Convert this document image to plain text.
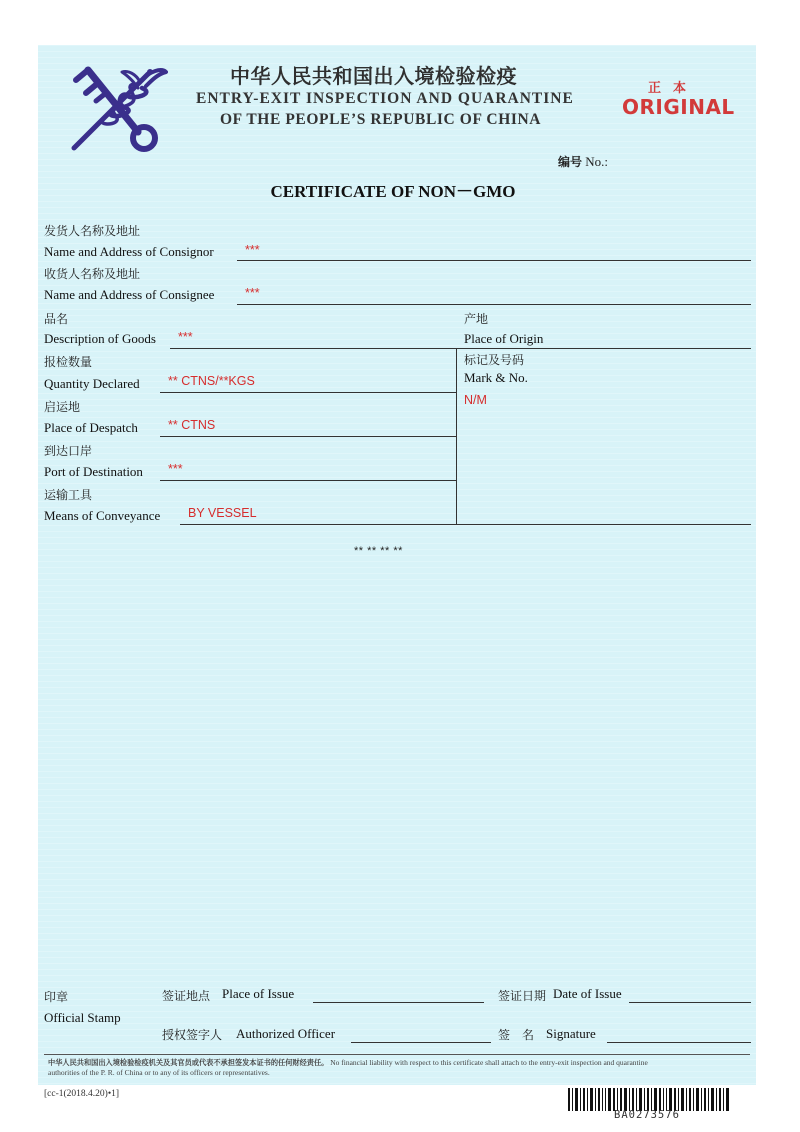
中华人民共和国出入境检验检疫
ENTRY-EXIT INSPECTION AND QUARANTINE
OF THE PEOPLE’S REPUBLIC OF CHINA
正本
ORIGINAL
编号 No.:
CERTIFICATE OF NON－GMO
发货人名称及地址
Name and Address of Consignor	***
收货人名称及地址
Name and Address of Consignee ***
品名
Description of Goods ***
产地
Place of Origin
报检数量
Quantity Declared ** CTNS/**KGS
标记及号码
Mark & No.
N/M
启运地
Place of Despatch ** CTNS
到达口岸
Port of Destination ***
运输工具
Means of Conveyance BY VESSEL
** ** ** **
印章
Official Stamp
签证地点 Place of Issue	签证日期 Date of Issue
授权签字人 Authorized Officer	签　名 Signature
中华人民共和国出入境检验检疫机关及其官员或代表不承担签发本证书的任何财经责任。 No financial liability with respect to this certificate shall attach to the entry-exit inspection and quarantine
authorities of the P. R. of China or to any of its officers or representatives.
[cc-1(2018.4.20)•1]
BA0273576
